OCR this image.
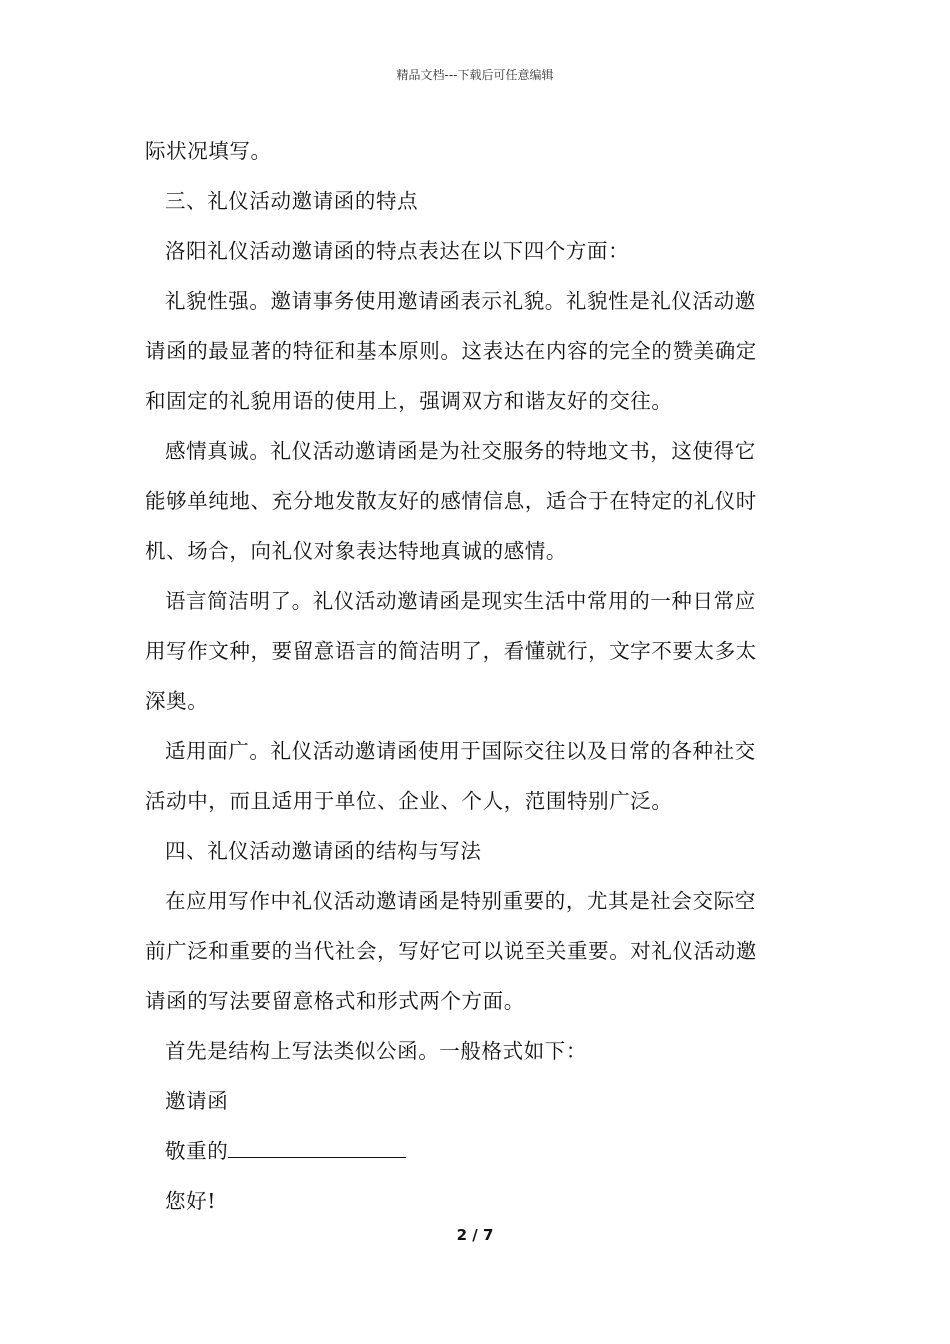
精品文档---下载后可任意编辑

际状况填写。

三、礼仪活动邀请函的特点

洛阳礼仪活动邀请函的特点表达在以下四个方面：

礼貌性强。邀请事务使用邀请函表示礼貌。礼貌性是礼仪活动邀
请函的最显著的特征和基本原则。这表达在内容的完全的赞美确定
和固定的礼貌用语的使用上，强调双方和谐友好的交往。

感情真诚。礼仪活动邀请函是为社交服务的特地文书，这使得它
能够单纯地、充分地发散友好的感情信息，适合于在特定的礼仪时
机、场合，向礼仪对象表达特地真诚的感情。

语言简洁明了。礼仪活动邀请函是现实生活中常用的一种日常应
用写作文种，要留意语言的简洁明了，看懂就行，文字不要太多太
深奥。

适用面广。礼仪活动邀请函使用于国际交往以及日常的各种社交
活动中，而且适用于单位、企业、个人，范围特别广泛。

四、礼仪活动邀请函的结构与写法

在应用写作中礼仪活动邀请函是特别重要的，尤其是社会交际空
前广泛和重要的当代社会，写好它可以说至关重要。对礼仪活动邀
请函的写法要留意格式和形式两个方面。

首先是结构上写法类似公函。一般格式如下：

邀请函

敬重的

您好!

2 / 7
